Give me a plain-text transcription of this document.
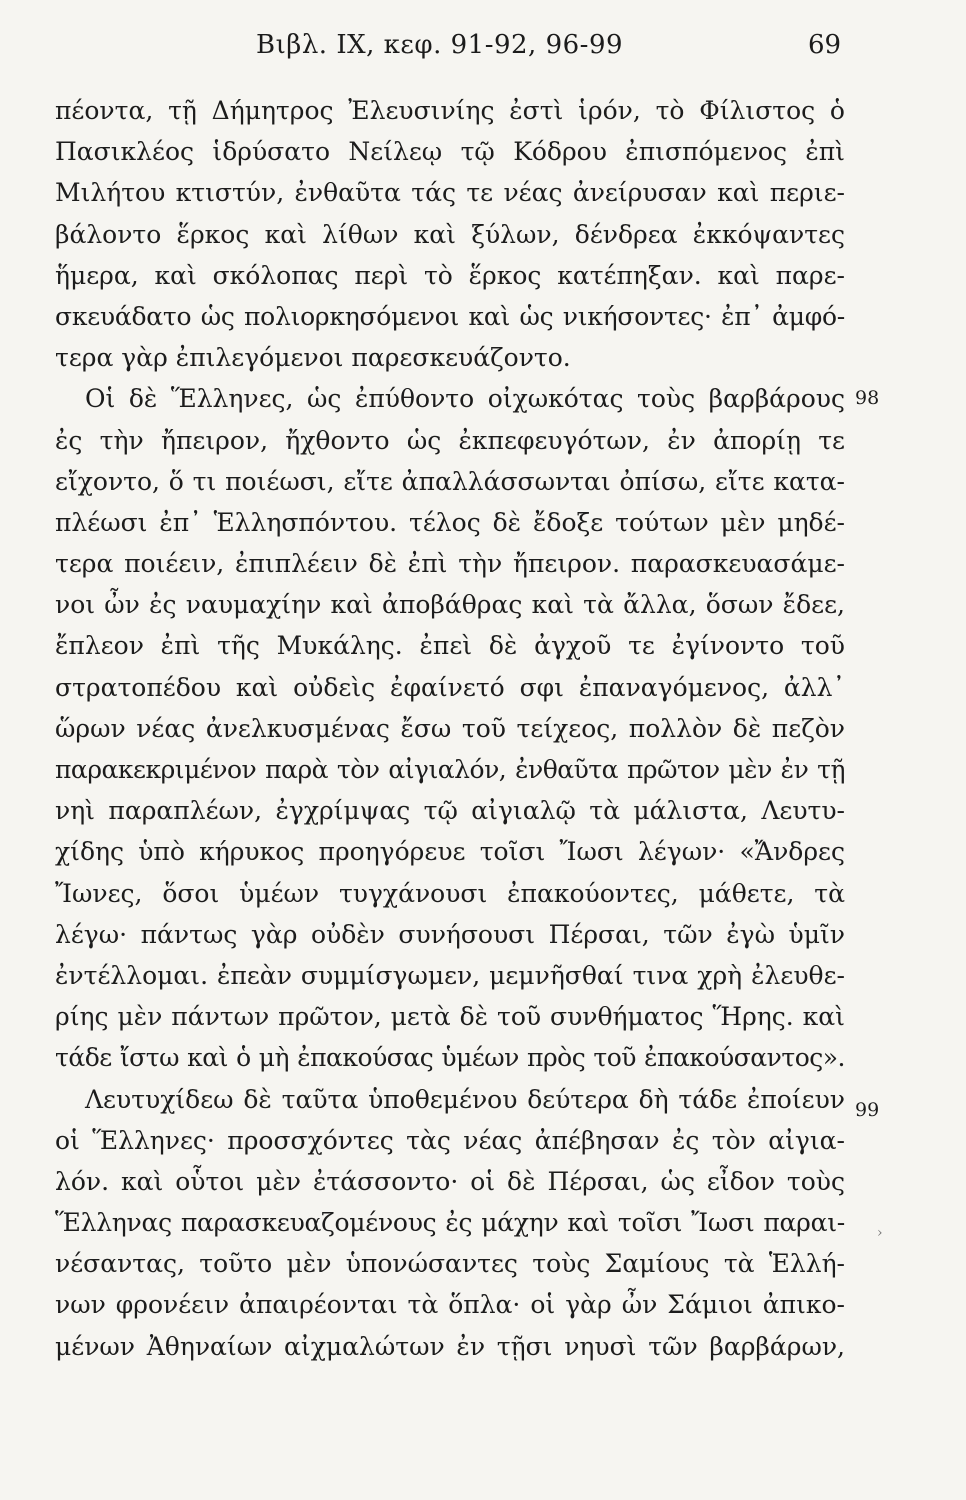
Βιβλ. IX, κεφ. 91-92, 96-99	69
πέοντα, τῇ Δήμητρος Ἐλευσινίης ἐστὶ ἱρόν, τὸ Φίλιστος ὁ
Πασικλέος ἱδρύσατο Νείλεῳ τῷ Κόδρου ἐπισπόμενος ἐπὶ
Μιλήτου κτιστύν, ἐνθαῦτα τάς τε νέας ἀνείρυσαν καὶ περιε-
βάλοντο ἕρκος καὶ λίθων καὶ ξύλων, δένδρεα ἐκκόψαντες
ἥμερα, καὶ σκόλοπας περὶ τὸ ἕρκος κατέπηξαν. καὶ παρε-
σκευάδατο ὡς πολιορκησόμενοι καὶ ὡς νικήσοντες· ἐπ᾽ ἀμφό-
τερα γὰρ ἐπιλεγόμενοι παρεσκευάζοντο.
Οἱ δὲ Ἕλληνες, ὡς ἐπύθοντο οἰχωκότας τοὺς βαρβάρους
ἐς τὴν ἤπειρον, ἤχθοντο ὡς ἐκπεφευγότων, ἐν ἀπορίῃ τε
εἴχοντο, ὅ τι ποιέωσι, εἴτε ἀπαλλάσσωνται ὀπίσω, εἴτε κατα-
πλέωσι ἐπ᾽ Ἑλλησπόντου. τέλος δὲ ἔδοξε τούτων μὲν μηδέ-
τερα ποιέειν, ἐπιπλέειν δὲ ἐπὶ τὴν ἤπειρον. παρασκευασάμε-
νοι ὦν ἐς ναυμαχίην καὶ ἀποβάθρας καὶ τὰ ἄλλα, ὅσων ἔδεε,
ἔπλεον ἐπὶ τῆς Μυκάλης. ἐπεὶ δὲ ἀγχοῦ τε ἐγίνοντο τοῦ
στρατοπέδου καὶ οὐδεὶς ἐφαίνετό σφι ἐπαναγόμενος, ἀλλ᾽
ὥρων νέας ἀνελκυσμένας ἔσω τοῦ τείχεος, πολλὸν δὲ πεζὸν
παρακεκριμένον παρὰ τὸν αἰγιαλόν, ἐνθαῦτα πρῶτον μὲν ἐν τῇ
νηὶ παραπλέων, ἐγχρίμψας τῷ αἰγιαλῷ τὰ μάλιστα, Λευτυ-
χίδης ὑπὸ κήρυκος προηγόρευε τοῖσι Ἴωσι λέγων· «Ἄνδρες
Ἴωνες, ὅσοι ὑμέων τυγχάνουσι ἐπακούοντες, μάθετε, τὰ
λέγω· πάντως γὰρ οὐδὲν συνήσουσι Πέρσαι, τῶν ἐγὼ ὑμῖν
ἐντέλλομαι. ἐπεὰν συμμίσγωμεν, μεμνῆσθαί τινα χρὴ ἐλευθε-
ρίης μὲν πάντων πρῶτον, μετὰ δὲ τοῦ συνθήματος Ἥρης. καὶ
τάδε ἴστω καὶ ὁ μὴ ἐπακούσας ὑμέων πρὸς τοῦ ἐπακούσαντος».
Λευτυχίδεω δὲ ταῦτα ὑποθεμένου δεύτερα δὴ τάδε ἐποίευν
οἱ Ἕλληνες· προσσχόντες τὰς νέας ἀπέβησαν ἐς τὸν αἰγια-
λόν. καὶ οὗτοι μὲν ἐτάσσοντο· οἱ δὲ Πέρσαι, ὡς εἶδον τοὺς
Ἕλληνας παρασκευαζομένους ἐς μάχην καὶ τοῖσι Ἴωσι παραι-
νέσαντας, τοῦτο μὲν ὑπονώσαντες τοὺς Σαμίους τὰ Ἑλλή-
νων φρονέειν ἀπαιρέονται τὰ ὅπλα· οἱ γὰρ ὦν Σάμιοι ἀπικο-
μένων Ἀθηναίων αἰχμαλώτων ἐν τῇσι νηυσὶ τῶν βαρβάρων,
98
99
›
